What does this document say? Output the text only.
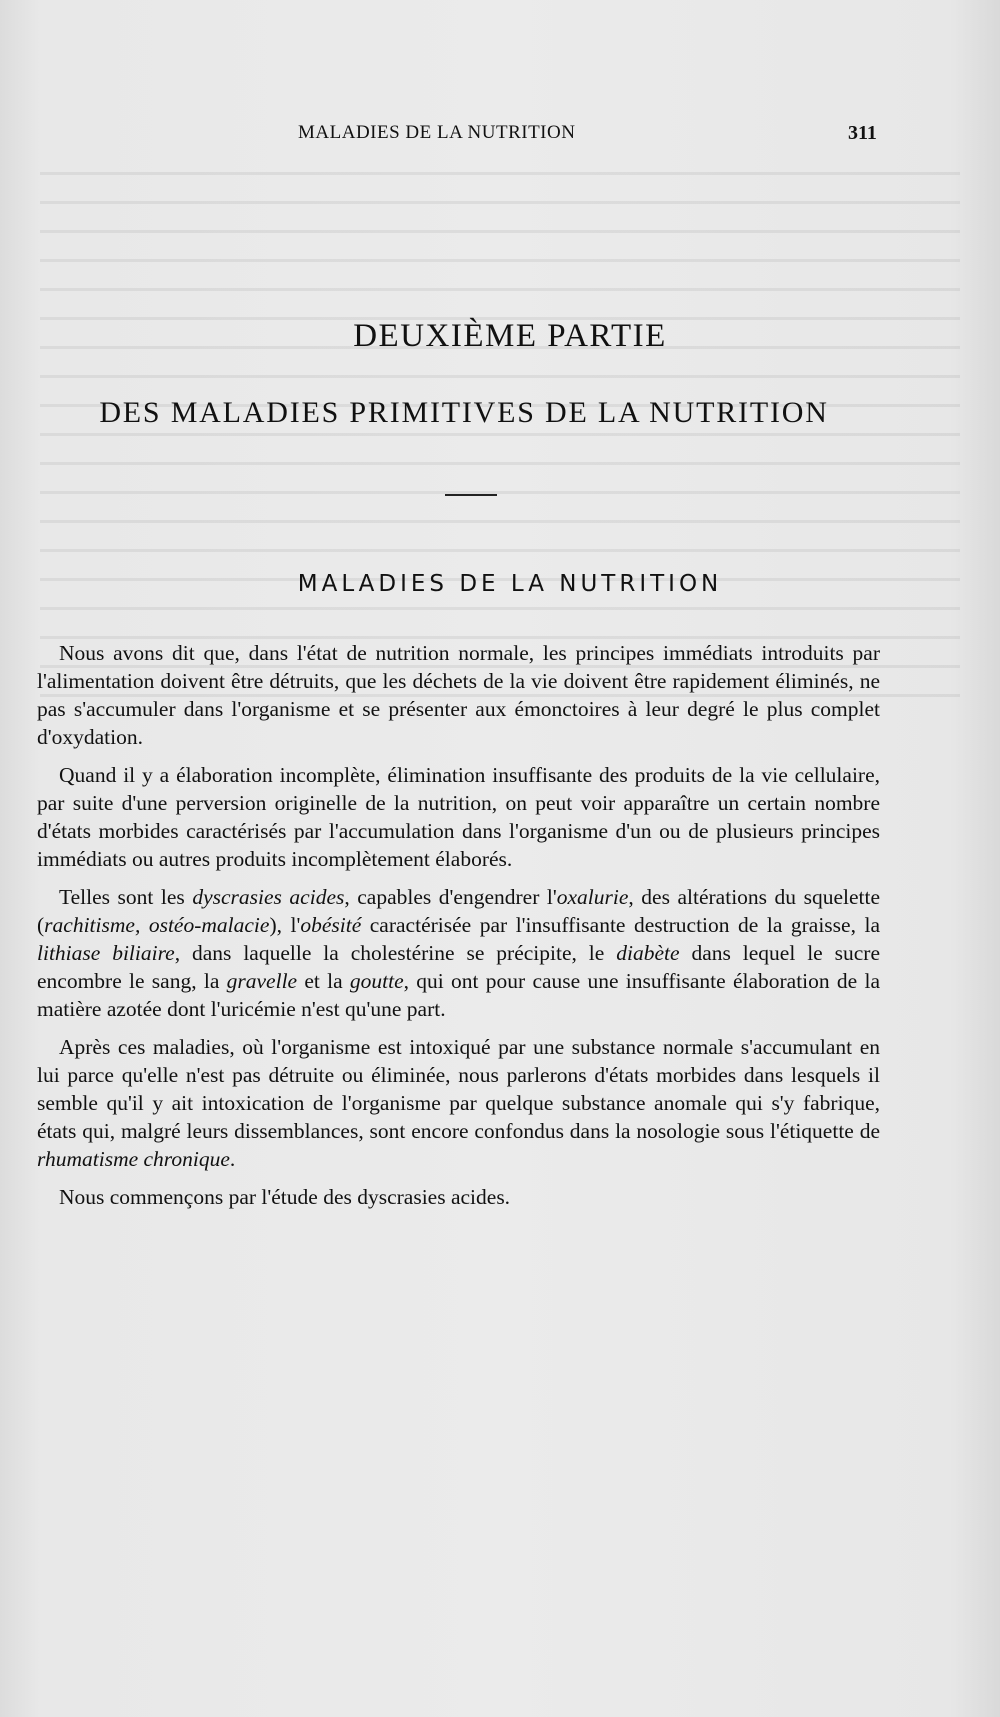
MALADIES DE LA NUTRITION	311
DEUXIÈME PARTIE
DES MALADIES PRIMITIVES DE LA NUTRITION
MALADIES DE LA NUTRITION

Nous avons dit que, dans l'état de nutrition normale, les principes immédiats introduits par l'alimentation doivent être détruits, que les déchets de la vie doivent être rapidement éliminés, ne pas s'accumuler dans l'organisme et se présenter aux émonctoires à leur degré le plus complet d'oxydation.

Quand il y a élaboration incomplète, élimination insuffisante des produits de la vie cellulaire, par suite d'une perversion originelle de la nutrition, on peut voir apparaître un certain nombre d'états morbides caractérisés par l'accumulation dans l'organisme d'un ou de plusieurs principes immédiats ou autres produits incomplètement élaborés.

Telles sont les dyscrasies acides, capables d'engendrer l'oxalurie, des altérations du squelette (rachitisme, ostéo-malacie), l'obésité caractérisée par l'insuffisante destruction de la graisse, la lithiase biliaire, dans laquelle la cholestérine se précipite, le diabète dans lequel le sucre encombre le sang, la gravelle et la goutte, qui ont pour cause une insuffisante élaboration de la matière azotée dont l'uricémie n'est qu'une part.

Après ces maladies, où l'organisme est intoxiqué par une substance normale s'accumulant en lui parce qu'elle n'est pas détruite ou éliminée, nous parlerons d'états morbides dans lesquels il semble qu'il y ait intoxication de l'organisme par quelque substance anomale qui s'y fabrique, états qui, malgré leurs dissemblances, sont encore confondus dans la nosologie sous l'étiquette de rhumatisme chronique.

Nous commençons par l'étude des dyscrasies acides.
